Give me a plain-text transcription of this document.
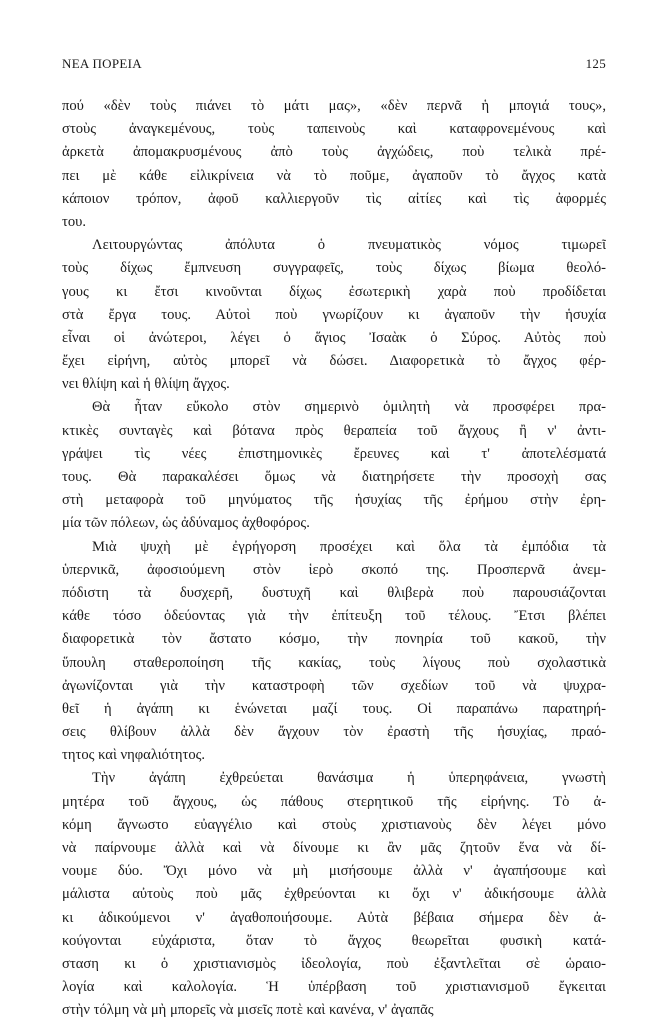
ΝΕΑ ΠΟΡΕΙΑ	125
πού «δὲν τοὺς πιάνει τὸ μάτι μας», «δὲν περνᾶ ἡ μπογιά τους»,
στοὺς ἀναγκεμένους, τοὺς ταπεινοὺς καὶ καταφρονεμένους καὶ
ἀρκετὰ ἀπομακρυσμένους ἀπὸ τοὺς ἀγχώδεις, ποὺ τελικὰ πρέ-
πει μὲ κάθε εἰλικρίνεια νὰ τὸ ποῦμε, ἀγαποῦν τὸ ἄγχος κατὰ
κάποιον τρόπον, ἀφοῦ καλλιεργοῦν τὶς αἰτίες καὶ τὶς ἀφορμές
του.
Λειτουργώντας ἀπόλυτα ὁ πνευματικὸς νόμος τιμωρεῖ
τοὺς δίχως ἔμπνευση συγγραφεῖς, τοὺς δίχως βίωμα θεολό-
γους κι ἔτσι κινοῦνται δίχως ἐσωτερικὴ χαρὰ ποὺ προδίδεται
στὰ ἔργα τους. Αὐτοὶ ποὺ γνωρίζουν κι ἀγαποῦν τὴν ἡσυχία
εἶναι οἱ ἀνώτεροι, λέγει ὁ ἅγιος Ἰσαὰκ ὁ Σύρος. Αὐτὸς ποὺ
ἔχει εἰρήνη, αὐτὸς μπορεῖ νὰ δώσει. Διαφορετικὰ τὸ ἄγχος φέρ-
νει θλίψη καὶ ἡ θλίψη ἄγχος.
Θὰ ἦταν εὔκολο στὸν σημερινὸ ὁμιλητὴ νὰ προσφέρει πρα-
κτικὲς συνταγὲς καὶ βότανα πρὸς θεραπεία τοῦ ἄγχους ἢ ν' ἀντι-
γράψει τὶς νέες ἐπιστημονικὲς ἔρευνες καὶ τ' ἀποτελέσματά
τους. Θὰ παρακαλέσει ὅμως νὰ διατηρήσετε τὴν προσοχὴ σας
στὴ μεταφορὰ τοῦ μηνύματος τῆς ἡσυχίας τῆς ἐρήμου στὴν ἐρη-
μία τῶν πόλεων, ὡς ἀδύναμος ἀχθοφόρος.
Μιὰ ψυχὴ μὲ ἐγρήγορση προσέχει καὶ ὅλα τὰ ἐμπόδια τὰ
ὑπερνικᾶ, ἀφοσιούμενη στὸν ἱερὸ σκοπό της. Προσπερνᾶ ἀνεμ-
πόδιστη τὰ δυσχερῆ, δυστυχῆ καὶ θλιβερὰ ποὺ παρουσιάζονται
κάθε τόσο ὁδεύοντας γιὰ τὴν ἐπίτευξη τοῦ τέλους. Ἔτσι βλέπει
διαφορετικὰ τὸν ἄστατο κόσμο, τὴν πονηρία τοῦ κακοῦ, τὴν
ὕπουλη σταθεροποίηση τῆς κακίας, τοὺς λίγους ποὺ σχολαστικὰ
ἀγωνίζονται γιὰ τὴν καταστροφὴ τῶν σχεδίων τοῦ νὰ ψυχρα-
θεῖ ἡ ἀγάπη κι ἑνώνεται μαζί τους. Οἱ παραπάνω παρατηρή-
σεις θλίβουν ἀλλὰ δὲν ἄγχουν τὸν ἐραστὴ τῆς ἡσυχίας, πραό-
τητος καὶ νηφαλιότητος.
Τὴν ἀγάπη ἐχθρεύεται θανάσιμα ἡ ὑπερηφάνεια, γνωστὴ
μητέρα τοῦ ἄγχους, ὡς πάθους στερητικοῦ τῆς εἰρήνης. Τὸ ἀ-
κόμη ἄγνωστο εὐαγγέλιο καὶ στοὺς χριστιανοὺς δὲν λέγει μόνο
νὰ παίρνουμε ἀλλὰ καὶ νὰ δίνουμε κι ἂν μᾶς ζητοῦν ἕνα νὰ δί-
νουμε δύο. Ὄχι μόνο νὰ μὴ μισήσουμε ἀλλὰ ν' ἀγαπήσουμε καὶ
μάλιστα αὐτοὺς ποὺ μᾶς ἐχθρεύονται κι ὄχι ν' ἀδικήσουμε ἀλλὰ
κι ἀδικούμενοι ν' ἀγαθοποιήσουμε. Αὐτὰ βέβαια σήμερα δὲν ἀ-
κούγονται εὐχάριστα, ὅταν τὸ ἄγχος θεωρεῖται φυσικὴ κατά-
σταση κι ὁ χριστιανισμὸς ἰδεολογία, ποὺ ἐξαντλεῖται σὲ ὡραιο-
λογία καὶ καλολογία. Ἡ ὑπέρβαση τοῦ χριστιανισμοῦ ἔγκειται
στὴν τόλμη νὰ μὴ μπορεῖς νὰ μισεῖς ποτὲ καὶ κανένα, ν' ἀγαπᾶς
